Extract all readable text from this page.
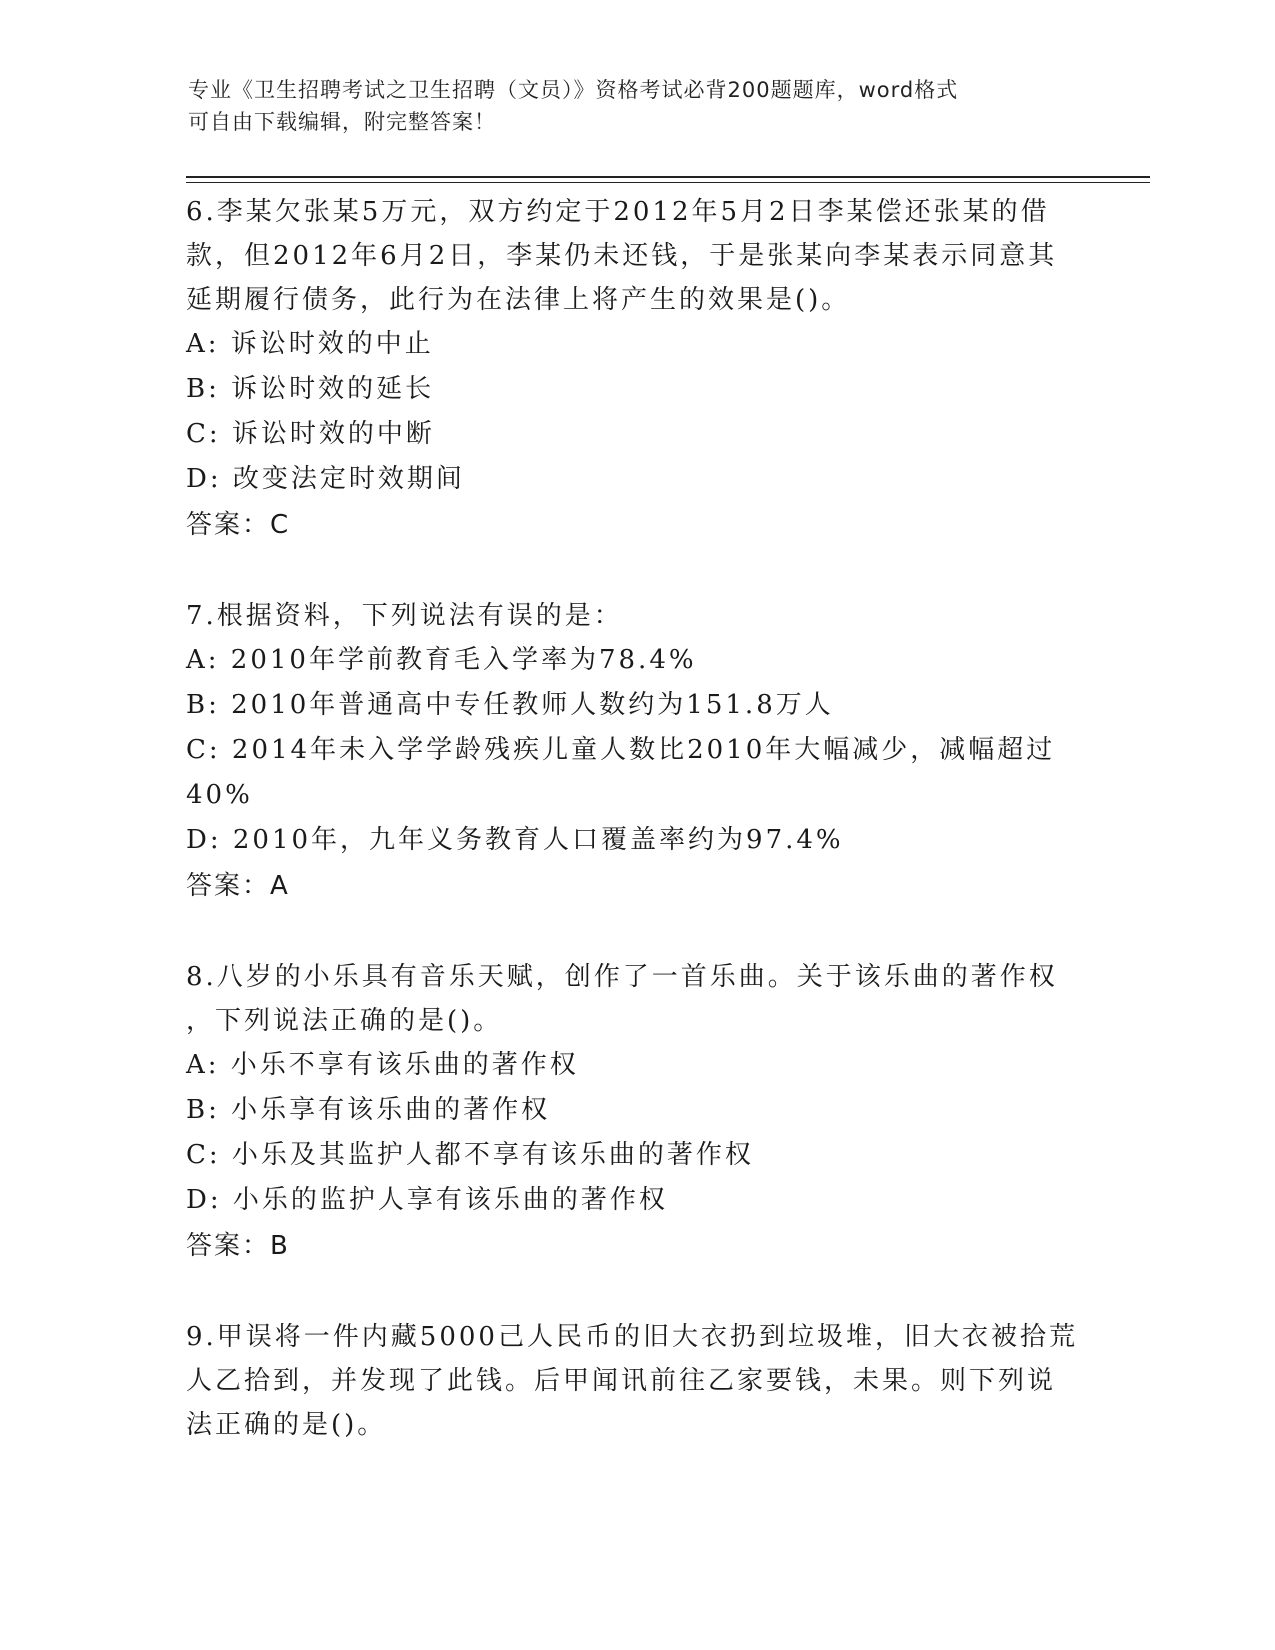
专业《卫生招聘考试之卫生招聘（文员）》资格考试必背200题题库，word格式
可自由下载编辑，附完整答案！

6.李某欠张某5万元，双方约定于2012年5月2日李某偿还张某的借

款，但2012年6月2日，李某仍未还钱，于是张某向李某表示同意其

延期履行债务，此行为在法律上将产生的效果是()。

A: 诉讼时效的中止

B: 诉讼时效的延长

C: 诉讼时效的中断

D: 改变法定时效期间

答案：C

7.根据资料，下列说法有误的是：

A: 2010年学前教育毛入学率为78.4%

B: 2010年普通高中专任教师人数约为151.8万人

C: 2014年未入学学龄残疾儿童人数比2010年大幅减少，减幅超过

40%

D: 2010年，九年义务教育人口覆盖率约为97.4%

答案：A

8.八岁的小乐具有音乐天赋，创作了一首乐曲。关于该乐曲的著作权

，下列说法正确的是()。

A: 小乐不享有该乐曲的著作权

B: 小乐享有该乐曲的著作权

C: 小乐及其监护人都不享有该乐曲的著作权

D: 小乐的监护人享有该乐曲的著作权

答案：B

9.甲误将一件内藏5000己人民币的旧大衣扔到垃圾堆，旧大衣被拾荒

人乙拾到，并发现了此钱。后甲闻讯前往乙家要钱，未果。则下列说

法正确的是()。
